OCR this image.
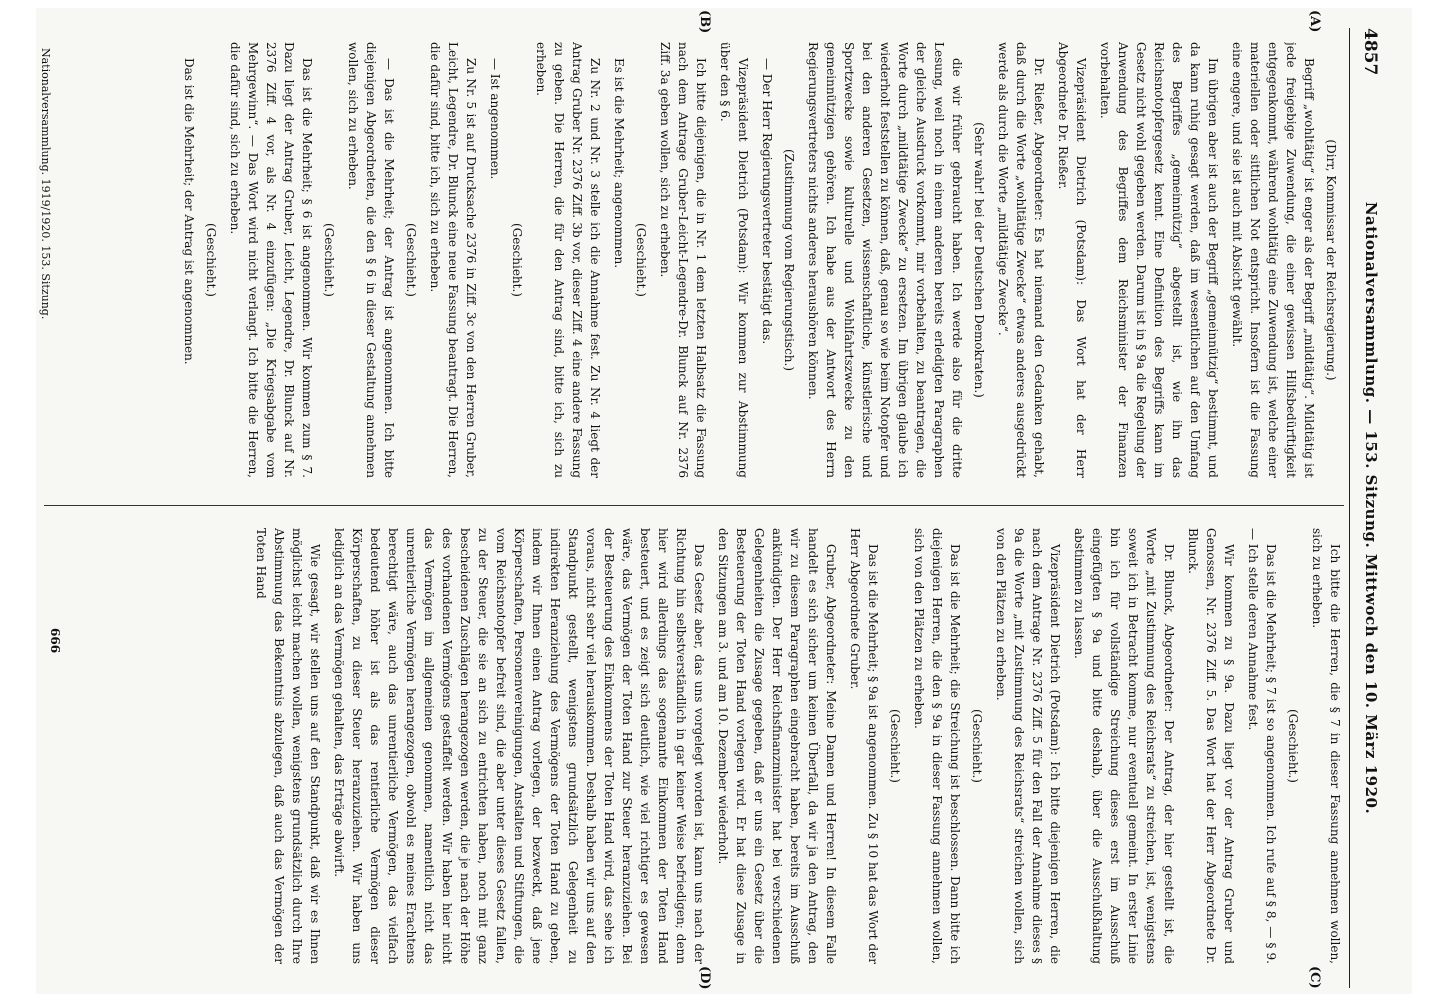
4857
Nationalversammlung. — 153. Sitzung. Mittwoch den 10. März 1920.
(A)
(B)
(C)
(D)

(Dirr, Kommissar der Reichsregierung.)

Begriff „wohltätig“ ist enger als der Begriff „mildtätig“. Mildtätig ist jede freigebige Zuwendung, die einer gewissen Hilfsbedürftigkeit entgegenkommt, während wohltätig eine Zuwendung ist, welche einer materiellen oder sittlichen Not entspricht. Insofern ist die Fassung eine engere, und sie ist auch mit Absicht gewählt.

Im übrigen aber ist auch der Begriff „gemeinnützig“ bestimmt, und da kann ruhig gesagt werden, daß im wesentlichen auf den Umfang des Begriffes „gemeinnützig“ abgestellt ist, wie ihn das Reichsnotopfergesetz kennt. Eine Definition des Begriffs kann im Gesetz nicht wohl gegeben werden. Darum ist in § 9a die Regelung der Anwendung des Begriffes dem Reichsminister der Finanzen vorbehalten.

Vizepräsident Dietrich (Potsdam): Das Wort hat der Herr Abgeordnete Dr. Rießer.

Dr. Rießer, Abgeordneter: Es hat niemand den Gedanken gehabt, daß durch die Worte „wohltätige Zwecke“ etwas anderes ausgedrückt werde als durch die Worte „mildtätige Zwecke“.

(Sehr wahr! bei der Deutschen Demokraten.)

die wir früher gebraucht haben. Ich werde also für die dritte Lesung, weil noch in einem anderen bereits erledigten Paragraphen der gleiche Ausdruck vorkommt, mir vorbehalten, zu beantragen, die Worte durch „mildtätige Zwecke“ zu ersetzen. Im übrigen glaube ich wiederholt feststellen zu können, daß, genau so wie beim Notopfer und bei den anderen Gesetzen, wissenschaftliche, künstlerische und Sportzwecke sowie kulturelle und Wohlfahrtszwecke zu den gemeinnützigen gehören. Ich habe aus der Antwort des Herrn Regierungsvertreters nichts anderes heraushören können.

(Zustimmung vom Regierungstisch.)

— Der Herr Regierungsvertreter bestätigt das.

Vizepräsident Dietrich (Potsdam): Wir kommen zur Abstimmung über den § 6.

Ich bitte diejenigen, die in Nr. 1 dem letzten Halbsatz die Fassung nach dem Antrage Gruber-Leicht-Legendre-Dr. Blunck auf Nr. 2376 Ziff. 3a geben wollen, sich zu erheben.

(Geschieht.)

Es ist die Mehrheit; angenommen.

Zu Nr. 2 und Nr. 3 stelle ich die Annahme fest. Zu Nr. 4 liegt der Antrag Gruber Nr. 2376 Ziff. 3b vor, dieser Ziff. 4 eine andere Fassung zu geben. Die Herren, die für den Antrag sind, bitte ich, sich zu erheben.

(Geschieht.)

— Ist angenommen.

Zu Nr. 5 ist auf Drucksache 2376 in Ziff. 3c von den Herren Gruber, Leicht, Legendre, Dr. Blunck eine neue Fassung beantragt. Die Herren, die dafür sind, bitte ich, sich zu erheben.

(Geschieht.)

— Das ist die Mehrheit; der Antrag ist angenommen. Ich bitte diejenigen Abgeordneten, die den § 6 in dieser Gestaltung annehmen wollen, sich zu erheben.

(Geschieht.)

Das ist die Mehrheit; § 6 ist angenommen. Wir kommen zum § 7. Dazu liegt der Antrag Gruber, Leicht, Legendre, Dr. Blunck auf Nr. 2376 Ziff. 4 vor, als Nr. 4 einzufügen: „Die Kriegsabgabe vom Mehrgewinn“. — Das Wort wird nicht verlangt. Ich bitte die Herren, die dafür sind, sich zu erheben.

(Geschieht.)

Das ist die Mehrheit; der Antrag ist angenommen.

Ich bitte die Herren, die § 7 in dieser Fassung annehmen wollen, sich zu erheben.

(Geschieht.)

Das ist die Mehrheit; § 7 ist so angenommen. Ich rufe auf § 8, — § 9. — Ich stelle deren Annahme fest.

Wir kommen zu § 9a. Dazu liegt vor der Antrag Gruber und Genossen, Nr. 2376 Ziff. 5. Das Wort hat der Herr Abgeordnete Dr. Blunck.

Dr. Blunck, Abgeordneter: Der Antrag, der hier gestellt ist, die Worte „mit Zustimmung des Reichsrats“ zu streichen, ist, wenigstens soweit ich in Betracht komme, nur eventuell gemeint. In erster Linie bin ich für vollständige Streichung dieses erst im Ausschuß eingefügten § 9a und bitte deshalb, über die Ausschußhaltung abstimmen zu lassen.

Vizepräsident Dietrich (Potsdam): Ich bitte diejenigen Herren, die nach dem Antrage Nr. 2376 Ziff. 5 für den Fall der Annahme dieses § 9a die Worte „mit Zustimmung des Reichsrats“ streichen wollen, sich von den Plätzen zu erheben.

(Geschieht.)

Das ist die Mehrheit; die Streichung ist beschlossen. Dann bitte ich diejenigen Herren, die den § 9a in dieser Fassung annehmen wollen, sich von den Plätzen zu erheben.

(Geschieht.)

Das ist die Mehrheit; § 9a ist angenommen. Zu § 10 hat das Wort der Herr Abgeordnete Gruber.

Gruber, Abgeordneter: Meine Damen und Herren! In diesem Falle handelt es sich sicher um keinen Überfall, da wir ja den Antrag, den wir zu diesem Paragraphen eingebracht haben, bereits im Ausschuß ankündigten. Der Herr Reichsfinanzminister hat bei verschiedenen Gelegenheiten die Zusage gegeben, daß er uns ein Gesetz über die Besteuerung der Toten Hand vorlegen wird. Er hat diese Zusage in den Sitzungen am 3. und am 10. Dezember wiederholt.

Das Gesetz aber, das uns vorgelegt worden ist, kann uns nach der Richtung hin selbstverständlich in gar keiner Weise befriedigen; denn hier wird allerdings das sogenannte Einkommen der Toten Hand besteuert, und es zeigt sich deutlich, wie viel richtiger es gewesen wäre, das Vermögen der Toten Hand zur Steuer heranzuziehen. Bei der Besteuerung des Einkommens der Toten Hand wird, das sehe ich voraus, nicht sehr viel herauskommen. Deshalb haben wir uns auf den Standpunkt gestellt, wenigstens grundsätzlich Gelegenheit zu indirekten Heranziehung des Vermögens der Toten Hand zu geben, indem wir Ihnen einen Antrag vorlegen, der bezweckt, daß jene Körperschaften, Personenvereinigungen, Anstalten und Stiftungen, die vom Reichsnotopfer befreit sind, die aber unter dieses Gesetz fallen, zu der Steuer, die sie an sich zu entrichten haben, noch mit ganz bescheidenen Zuschlägen herangezogen werden, die je nach der Höhe des vorhandenen Vermögens gestaffelt werden. Wir haben hier nicht das Vermögen im allgemeinen genommen, namentlich nicht das unrentierliche Vermögen herangezogen, obwohl es meines Erachtens berechtigt wäre, auch das unrentierliche Vermögen, das vielfach bedeutend höher ist als das rentierliche Vermögen dieser Körperschaften, zu dieser Steuer heranzuziehen. Wir haben uns lediglich an das Vermögen gehalten, das Erträge abwirft.

Wie gesagt, wir stellen uns auf den Standpunkt, daß wir es Ihnen möglichst leicht machen wollen, wenigstens grundsätzlich durch Ihre Abstimmung das Bekenntnis abzulegen, daß auch das Vermögen der Toten Hand

Nationalversammlung. 1919/1920. 153. Sitzung.
666
